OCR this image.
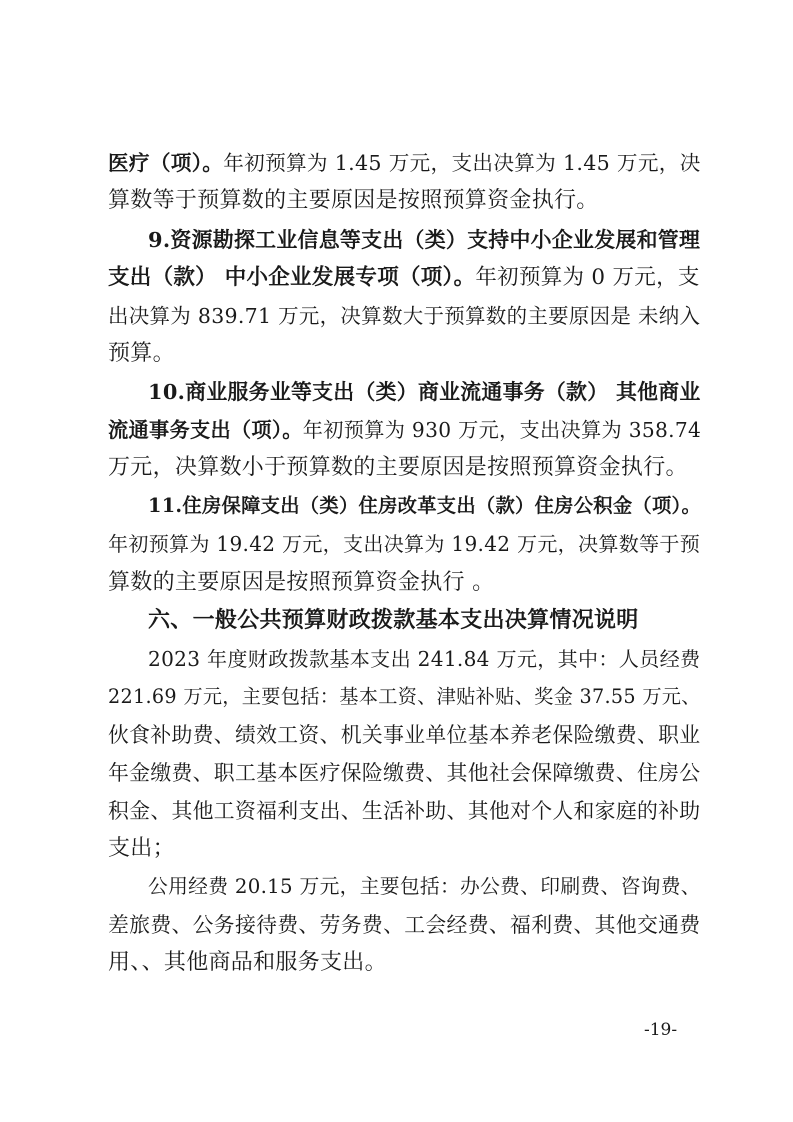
医疗（项）。年初预算为 1.45 万元，支出决算为 1.45 万元，决
算数等于预算数的主要原因是按照预算资金执行。
9.资源勘探工业信息等支出（类）支持中小企业发展和管理
支出（款） 中小企业发展专项（项）。年初预算为 0 万元，支
出决算为 839.71 万元，决算数大于预算数的主要原因是 未纳入
预算。
10.商业服务业等支出（类）商业流通事务（款） 其他商业
流通事务支出（项）。年初预算为 930 万元，支出决算为 358.74
万元，决算数小于预算数的主要原因是按照预算资金执行。
11.住房保障支出（类）住房改革支出（款）住房公积金（项）。
年初预算为 19.42 万元，支出决算为 19.42 万元，决算数等于预
算数的主要原因是按照预算资金执行 。
六、一般公共预算财政拨款基本支出决算情况说明
2023 年度财政拨款基本支出 241.84 万元，其中：人员经费
221.69 万元，主要包括：基本工资、津贴补贴、奖金 37.55 万元、
伙食补助费、绩效工资、机关事业单位基本养老保险缴费、职业
年金缴费、职工基本医疗保险缴费、其他社会保障缴费、住房公
积金、其他工资福利支出、生活补助、其他对个人和家庭的补助
支出；
公用经费 20.15 万元，主要包括：办公费、印刷费、咨询费、
差旅费、公务接待费、劳务费、工会经费、福利费、其他交通费
用、、其他商品和服务支出。
-19-
